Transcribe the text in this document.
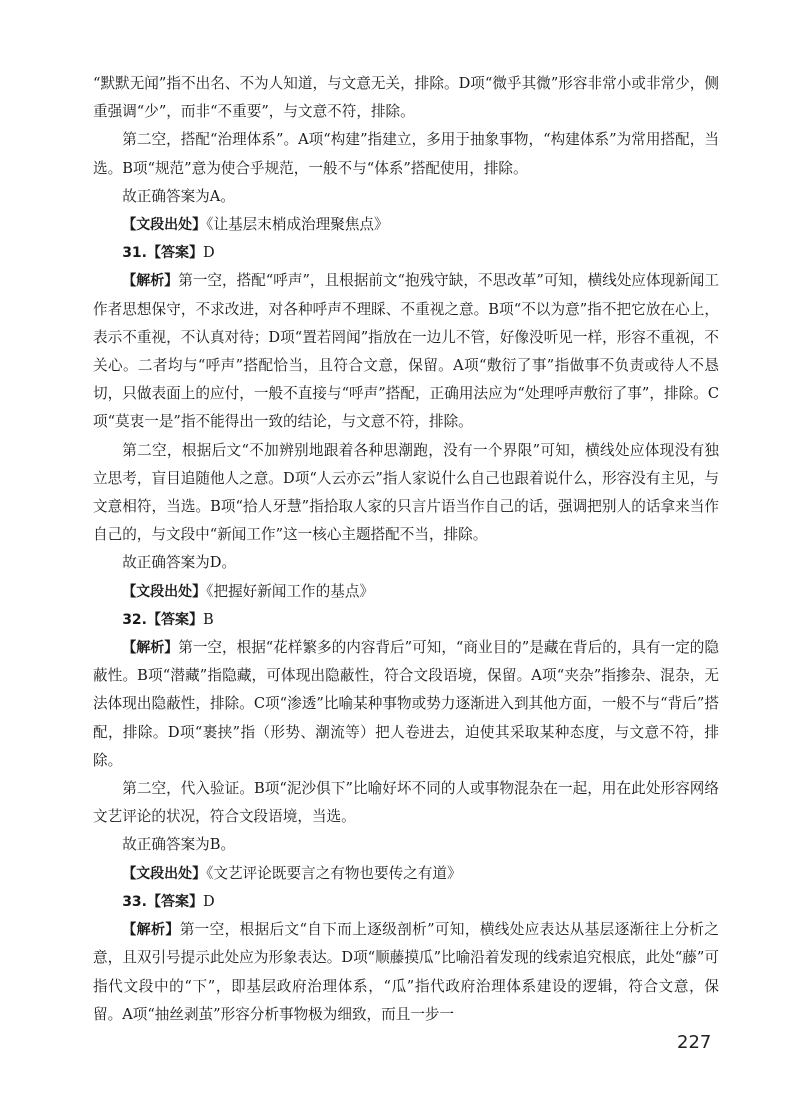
“默默无闻”指不出名、不为人知道，与文意无关，排除。D项“微乎其微”形容非常小或非常少，侧重强调“少”，而非“不重要”，与文意不符，排除。

第二空，搭配“治理体系”。A项“构建”指建立，多用于抽象事物，“构建体系”为常用搭配，当选。B项“规范”意为使合乎规范，一般不与“体系”搭配使用，排除。

故正确答案为A。

【文段出处】《让基层末梢成治理聚焦点》

31.【答案】D

【解析】第一空，搭配“呼声”，且根据前文“抱残守缺，不思改革”可知，横线处应体现新闻工作者思想保守，不求改进，对各种呼声不理睬、不重视之意。B项“不以为意”指不把它放在心上，表示不重视，不认真对待；D项“置若罔闻”指放在一边儿不管，好像没听见一样，形容不重视，不关心。二者均与“呼声”搭配恰当，且符合文意，保留。A项“敷衍了事”指做事不负责或待人不恳切，只做表面上的应付，一般不直接与“呼声”搭配，正确用法应为“处理呼声敷衍了事”，排除。C项“莫衷一是”指不能得出一致的结论，与文意不符，排除。

第二空，根据后文“不加辨别地跟着各种思潮跑，没有一个界限”可知，横线处应体现没有独立思考，盲目追随他人之意。D项“人云亦云”指人家说什么自己也跟着说什么，形容没有主见，与文意相符，当选。B项“拾人牙慧”指拾取人家的只言片语当作自己的话，强调把别人的话拿来当作自己的，与文段中“新闻工作”这一核心主题搭配不当，排除。

故正确答案为D。

【文段出处】《把握好新闻工作的基点》

32.【答案】B

【解析】第一空，根据“花样繁多的内容背后”可知，“商业目的”是藏在背后的，具有一定的隐蔽性。B项“潜藏”指隐藏，可体现出隐蔽性，符合文段语境，保留。A项“夹杂”指掺杂、混杂，无法体现出隐蔽性，排除。C项“渗透”比喻某种事物或势力逐渐进入到其他方面，一般不与“背后”搭配，排除。D项“裹挟”指（形势、潮流等）把人卷进去，迫使其采取某种态度，与文意不符，排除。

第二空，代入验证。B项“泥沙俱下”比喻好坏不同的人或事物混杂在一起，用在此处形容网络文艺评论的状况，符合文段语境，当选。

故正确答案为B。

【文段出处】《文艺评论既要言之有物也要传之有道》

33.【答案】D

【解析】第一空，根据后文“自下而上逐级剖析”可知，横线处应表达从基层逐渐往上分析之意，且双引号提示此处应为形象表达。D项“顺藤摸瓜”比喻沿着发现的线索追究根底，此处“藤”可指代文段中的“下”，即基层政府治理体系，“瓜”指代政府治理体系建设的逻辑，符合文意，保留。A项“抽丝剥茧”形容分析事物极为细致，而且一步一

227
